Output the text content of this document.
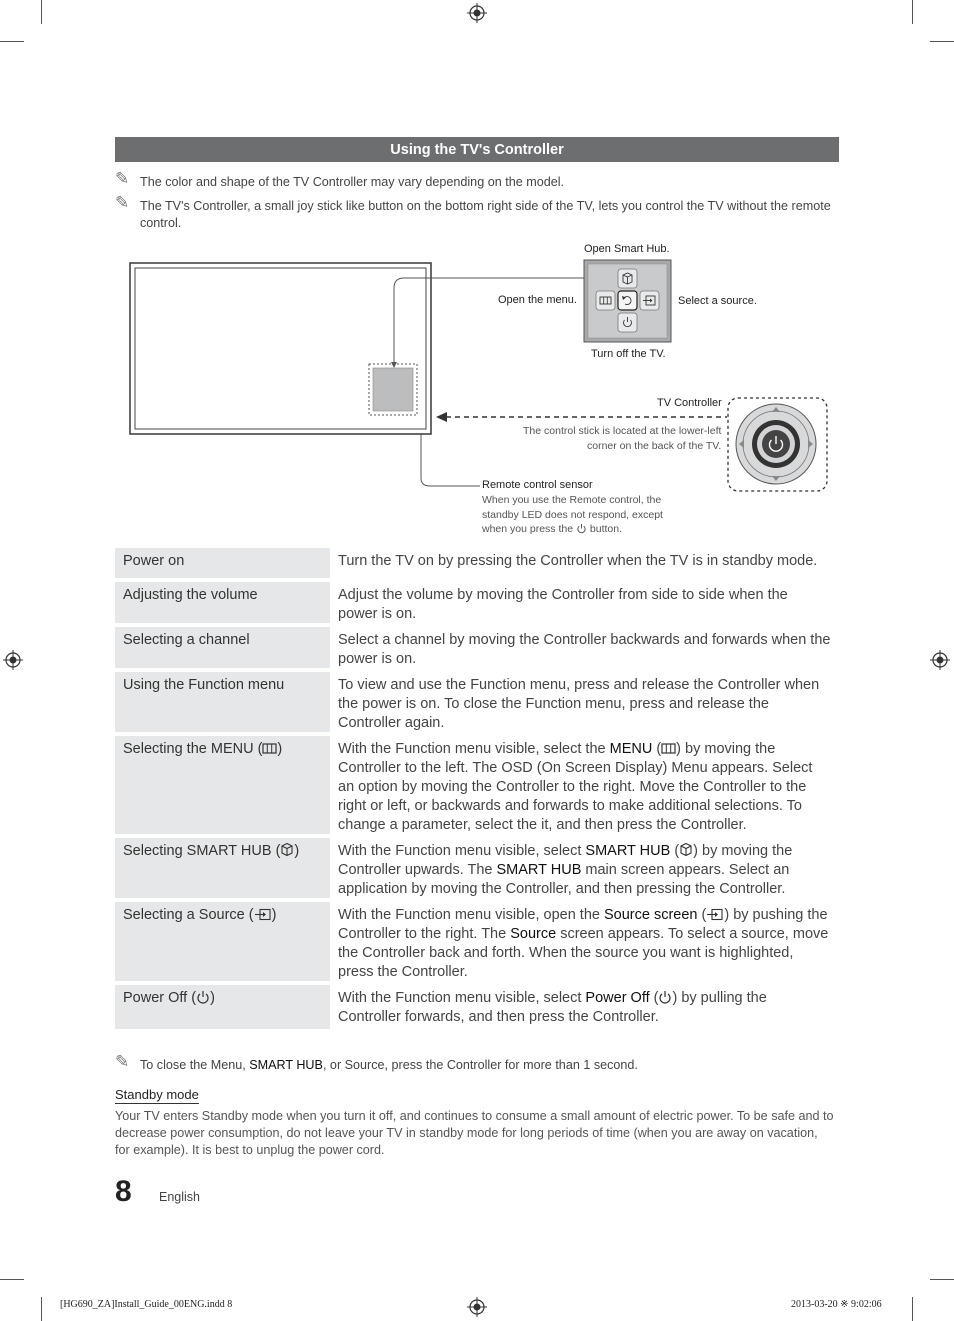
Using the TV's Controller
✎ The color and shape of the TV Controller may vary depending on the model.
✎ The TV's Controller, a small joy stick like button on the bottom right side of the TV, lets you control the TV without the remote control.
Open Smart Hub.
Open the menu.	Select a source.
Turn off the TV.
TV Controller
The control stick is located at the lower-left
corner on the back of the TV.
Remote control sensor
When you use the Remote control, the
standby LED does not respond, except
when you press the button.
Power on	Turn the TV on by pressing the Controller when the TV is in standby mode.
Adjusting the volume	Adjust the volume by moving the Controller from side to side when the power is on.
Selecting a channel	Select a channel by moving the Controller backwards and forwards when the power is on.
Using the Function menu	To view and use the Function menu, press and release the Controller when the power is on. To close the Function menu, press and release the Controller again.
Selecting the MENU ( )	With the Function menu visible, select the MENU ( ) by moving the Controller to the left. The OSD (On Screen Display) Menu appears. Select an option by moving the Controller to the right. Move the Controller to the right or left, or backwards and forwards to make additional selections. To change a parameter, select the it, and then press the Controller.
Selecting SMART HUB ( )	With the Function menu visible, select SMART HUB ( ) by moving the Controller upwards. The SMART HUB main screen appears. Select an application by moving the Controller, and then pressing the Controller.
Selecting a Source ( )	With the Function menu visible, open the Source screen ( ) by pushing the Controller to the right. The Source screen appears. To select a source, move the Controller back and forth. When the source you want is highlighted, press the Controller.
Power Off ( )	With the Function menu visible, select Power Off ( ) by pulling the Controller forwards, and then press the Controller.
✎ To close the Menu, SMART HUB, or Source, press the Controller for more than 1 second.
Standby mode
Your TV enters Standby mode when you turn it off, and continues to consume a small amount of electric power. To be safe and to decrease power consumption, do not leave your TV in standby mode for long periods of time (when you are away on vacation, for example). It is best to unplug the power cord.
8 English
[HG690_ZA]Install_Guide_00ENG.indd 8	2013-03-20 ※ 9:02:06
